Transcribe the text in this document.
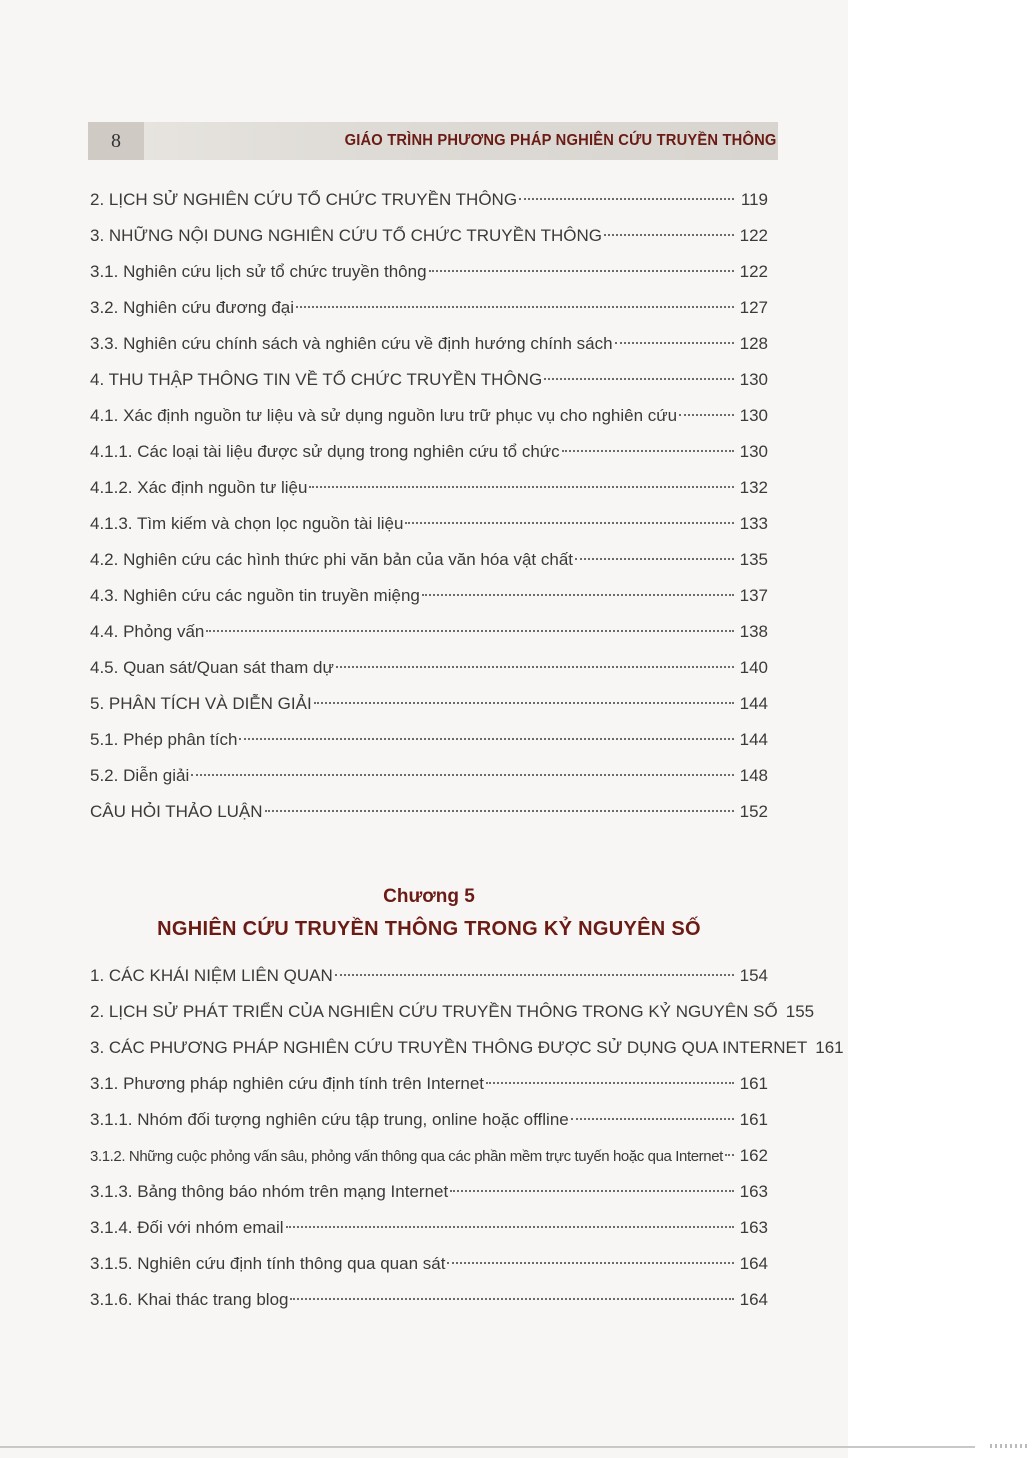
8	GIÁO TRÌNH PHƯƠNG PHÁP NGHIÊN CỨU TRUYỀN THÔNG
2. LỊCH SỬ NGHIÊN CỨU TỔ CHỨC TRUYỀN THÔNG	119
3. NHỮNG NỘI DUNG NGHIÊN CỨU TỔ CHỨC TRUYỀN THÔNG	122
3.1. Nghiên cứu lịch sử tổ chức truyền thông	122
3.2. Nghiên cứu đương đại	127
3.3. Nghiên cứu chính sách và nghiên cứu về định hướng chính sách	128
4. THU THẬP THÔNG TIN VỀ TỔ CHỨC TRUYỀN THÔNG	130
4.1. Xác định nguồn tư liệu và sử dụng nguồn lưu trữ phục vụ cho nghiên cứu	130
4.1.1. Các loại tài liệu được sử dụng trong nghiên cứu tổ chức	130
4.1.2. Xác định nguồn tư liệu	132
4.1.3. Tìm kiếm và chọn lọc nguồn tài liệu	133
4.2. Nghiên cứu các hình thức phi văn bản của văn hóa vật chất	135
4.3. Nghiên cứu các nguồn tin truyền miệng	137
4.4. Phỏng vấn	138
4.5. Quan sát/Quan sát tham dự	140
5. PHÂN TÍCH VÀ DIỄN GIẢI	144
5.1. Phép phân tích	144
5.2. Diễn giải	148
CÂU HỎI THẢO LUẬN	152
Chương 5
NGHIÊN CỨU TRUYỀN THÔNG TRONG KỶ NGUYÊN SỐ
1. CÁC KHÁI NIỆM LIÊN QUAN	154
2. LỊCH SỬ PHÁT TRIỂN CỦA NGHIÊN CỨU TRUYỀN THÔNG TRONG KỶ NGUYÊN SỐ 155
3. CÁC PHƯƠNG PHÁP NGHIÊN CỨU TRUYỀN THÔNG ĐƯỢC SỬ DỤNG QUA INTERNET 161
3.1. Phương pháp nghiên cứu định tính trên Internet	161
3.1.1. Nhóm đối tượng nghiên cứu tập trung, online hoặc offline	161
3.1.2. Những cuộc phỏng vấn sâu, phỏng vấn thông qua các phần mềm trực tuyến hoặc qua Internet 162
3.1.3. Bảng thông báo nhóm trên mạng Internet	163
3.1.4. Đối với nhóm email	163
3.1.5. Nghiên cứu định tính thông qua quan sát	164
3.1.6. Khai thác trang blog	164
